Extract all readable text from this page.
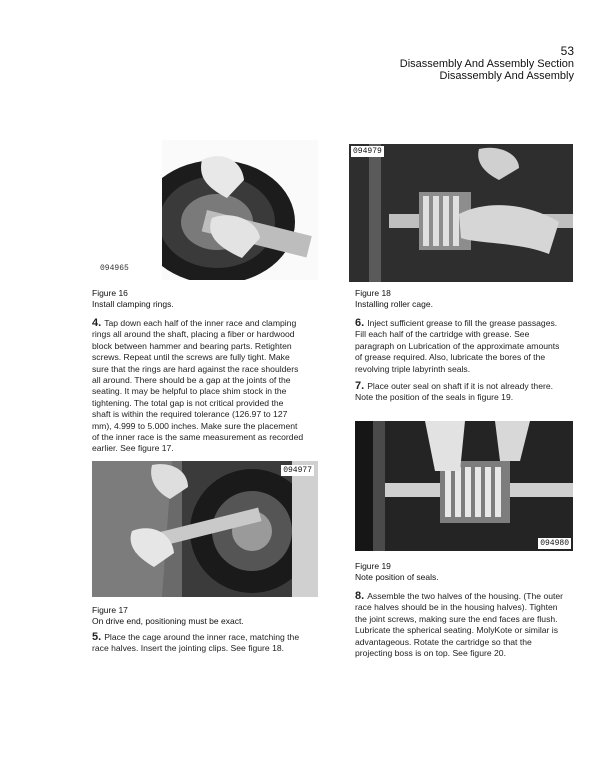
53
Disassembly And Assembly Section
Disassembly And Assembly
094965
094979
Figure 16
Install clamping rings.
Figure 18
Installing roller cage.
4. Tap down each half of the inner race and clamping
rings all around the shaft, placing a fiber or hardwood
block between hammer and bearing parts. Retighten
screws. Repeat until the screws are fully tight. Make
sure that the rings are hard against the race shoulders
all around. There should be a gap at the joints of the
seating. It may be helpful to place shim stock in the
tightening. The total gap is not critical provided the
shaft is within the required tolerance (126.97 to 127
mm), 4.999 to 5.000 inches. Make sure the placement
of the inner race is the same measurement as recorded
earlier. See figure 17.
6. Inject sufficient grease to fill the grease passages.
Fill each half of the cartridge with grease. See
paragraph on Lubrication of the approximate amounts
of grease required. Also, lubricate the bores of the
revolving triple labyrinth seals.
7. Place outer seal on shaft if it is not already there.
Note the position of the seals in figure 19.
094977
094980
Figure 19
Note position of seals.
Figure 17
On drive end, positioning must be exact.
8. Assemble the two halves of the housing. (The outer
race halves should be in the housing halves). Tighten
the joint screws, making sure the end faces are flush.
Lubricate the spherical seating. MolyKote or similar is
advantageous. Rotate the cartridge so that the
projecting boss is on top. See figure 20.
5. Place the cage around the inner race, matching the
race halves. Insert the jointing clips. See figure 18.
